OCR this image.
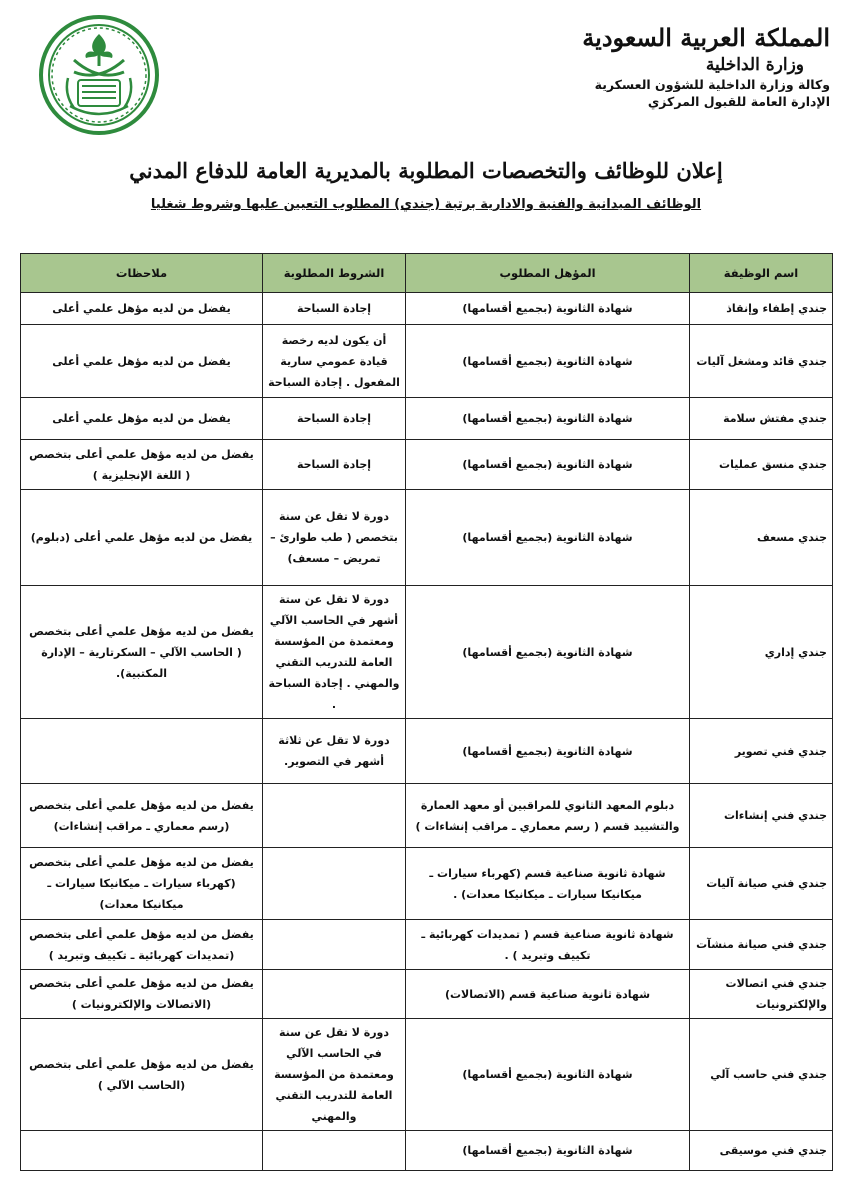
المملكة العربية السعودية
وزارة الداخلية
وكالة وزارة الداخلية للشؤون العسكرية
الإدارة العامة للقبول المركزي
إعلان للوظائف والتخصصات المطلوبة بالمديرية العامة للدفاع المدني
الوظائف الميدانية والفنية والادارية برتبة (جندي) المطلوب التعيين عليها وشروط شغليا
اسم الوظيفة	المؤهل المطلوب	الشروط المطلوبة	ملاحظات
جندي إطفاء وإنقاذ	شهادة الثانوية (بجميع أقسامها)	إجادة السباحة	يفضل من لديه مؤهل علمي أعلى
جندي قائد ومشغل آليات	شهادة الثانوية (بجميع أقسامها)	أن يكون لديه رخصة قيادة عمومي سارية المفعول . إجادة السباحة	يفضل من لديه مؤهل علمي أعلى
جندي مفتش سلامة	شهادة الثانوية (بجميع أقسامها)	إجادة السباحة	يفضل من لديه مؤهل علمي أعلى
جندي منسق عمليات	شهادة الثانوية (بجميع أقسامها)	إجادة السباحة	يفضل من لديه مؤهل علمي أعلى بتخصص ( اللغة الإنجليزية )
جندي مسعف	شهادة الثانوية (بجميع أقسامها)	دورة لا تقل عن سنة بتخصص ( طب طوارئ –تمريض – مسعف)	يفضل من لديه مؤهل علمي أعلى (دبلوم)
جندي إداري	شهادة الثانوية (بجميع أقسامها)	دورة لا تقل عن ستة أشهر في الحاسب الآلي ومعتمدة من المؤسسة العامة للتدريب التقني والمهني . إجادة السباحة .	يفضل من لديه مؤهل علمي أعلى بتخصص ( الحاسب الآلي – السكرتارية – الإدارة المكتبية).
جندي فني تصوير	شهادة الثانوية (بجميع أقسامها)	دورة لا تقل عن ثلاثة أشهر في التصوير.	
جندي فني إنشاءات	دبلوم المعهد الثانوي للمراقبين أو معهد العمارة والتشييد قسم ( رسم معماري ـ مراقب إنشاءات )		يفضل من لديه مؤهل علمي أعلى بتخصص (رسم معماري ـ مراقب إنشاءات)
جندي فني صيانة آليات	شهادة ثانوية صناعية قسم (كهرباء سيارات ـ ميكانيكا سيارات ـ ميكانيكا معدات) .		يفضل من لديه مؤهل علمي أعلى بتخصص (كهرباء سيارات ـ ميكانيكا سيارات ـ ميكانيكا معدات)
جندي فني صيانة منشآت	شهادة ثانوية صناعية قسم ( تمديدات كهربائية ـ تكييف وتبريد ) .		يفضل من لديه مؤهل علمي أعلى بتخصص (تمديدات كهربائية ـ تكييف وتبريد )
جندي فني اتصالات والإلكترونيات	شهادة ثانوية صناعية قسم (الاتصالات)		يفضل من لديه مؤهل علمي أعلى بتخصص (الاتصالات والإلكترونيات )
جندي فني حاسب آلي	شهادة الثانوية (بجميع أقسامها)	دورة لا تقل عن سنة في الحاسب الآلي ومعتمدة من المؤسسة العامة للتدريب التقني والمهني	يفضل من لديه مؤهل علمي أعلى بتخصص (الحاسب الآلي )
جندي فني موسيقى	شهادة الثانوية (بجميع أقسامها)		
